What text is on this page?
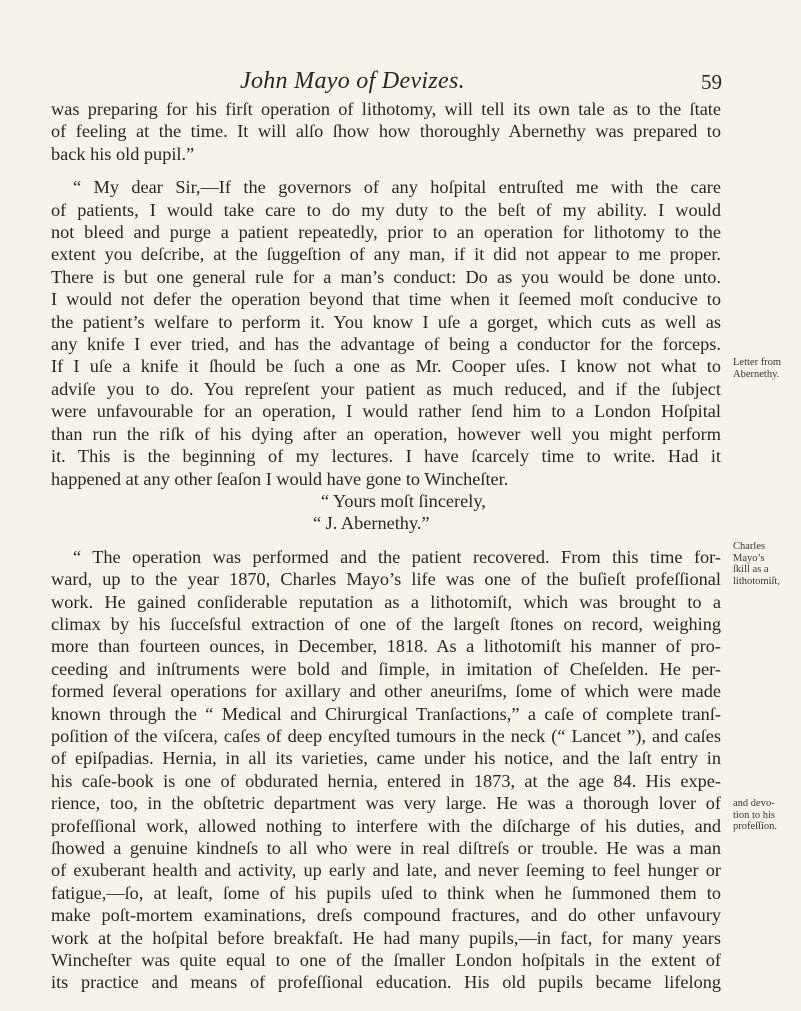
John Mayo of Devizes.	59

was preparing for his firſt operation of lithotomy, will tell its own tale as to the ſtate
of feeling at the time. It will alſo ſhow how thoroughly Abernethy was prepared to
back his old pupil.”

“ My dear Sir,—If the governors of any hoſpital entruſted me with the care
of patients, I would take care to do my duty to the beſt of my ability. I would
not bleed and purge a patient repeatedly, prior to an operation for lithotomy to the
extent you deſcribe, at the ſuggeſtion of any man, if it did not appear to me proper.
There is but one general rule for a man’s conduct: Do as you would be done unto.
I would not defer the operation beyond that time when it ſeemed moſt conducive to
the patient’s welfare to perform it. You know I uſe a gorget, which cuts as well as
any knife I ever tried, and has the advantage of being a conductor for the forceps.
If I uſe a knife it ſhould be ſuch a one as Mr. Cooper uſes. I know not what to
adviſe you to do. You repreſent your patient as much reduced, and if the ſubject
were unfavourable for an operation, I would rather ſend him to a London Hoſpital
than run the riſk of his dying after an operation, however well you might perform
it. This is the beginning of my lectures. I have ſcarcely time to write. Had it
happened at any other ſeaſon I would have gone to Wincheſter.

“ Yours moſt ſincerely,
“ J. Abernethy.”

“ The operation was performed and the patient recovered. From this time for-
ward, up to the year 1870, Charles Mayo’s life was one of the buſieſt profeſſional
work. He gained conſiderable reputation as a lithotomiſt, which was brought to a
climax by his ſucceſsful extraction of one of the largeſt ſtones on record, weighing
more than fourteen ounces, in December, 1818. As a lithotomiſt his manner of pro-
ceeding and inſtruments were bold and ſimple, in imitation of Cheſelden. He per-
formed ſeveral operations for axillary and other aneuriſms, ſome of which were made
known through the “ Medical and Chirurgical Tranſactions,” a caſe of complete tranſ-
poſition of the viſcera, caſes of deep encyſted tumours in the neck (“ Lancet ”), and caſes
of epiſpadias. Hernia, in all its varieties, came under his notice, and the laſt entry in
his caſe-book is one of obdurated hernia, entered in 1873, at the age 84. His expe-
rience, too, in the obſtetric department was very large. He was a thorough lover of
profeſſional work, allowed nothing to interfere with the diſcharge of his duties, and
ſhowed a genuine kindneſs to all who were in real diſtreſs or trouble. He was a man
of exuberant health and activity, up early and late, and never ſeeming to feel hunger or
fatigue,—ſo, at leaſt, ſome of his pupils uſed to think when he ſummoned them to
make poſt-mortem examinations, dreſs compound fractures, and do other unfavoury
work at the hoſpital before breakfaſt. He had many pupils,—in fact, for many years
Wincheſter was quite equal to one of the ſmaller London hoſpitals in the extent of
its practice and means of profeſſional education. His old pupils became lifelong

Letter from
Abernethy.
Charles
Mayo’s
ſkill as a
lithotomiſt,
and devo-
tion to his
profeſſion.
